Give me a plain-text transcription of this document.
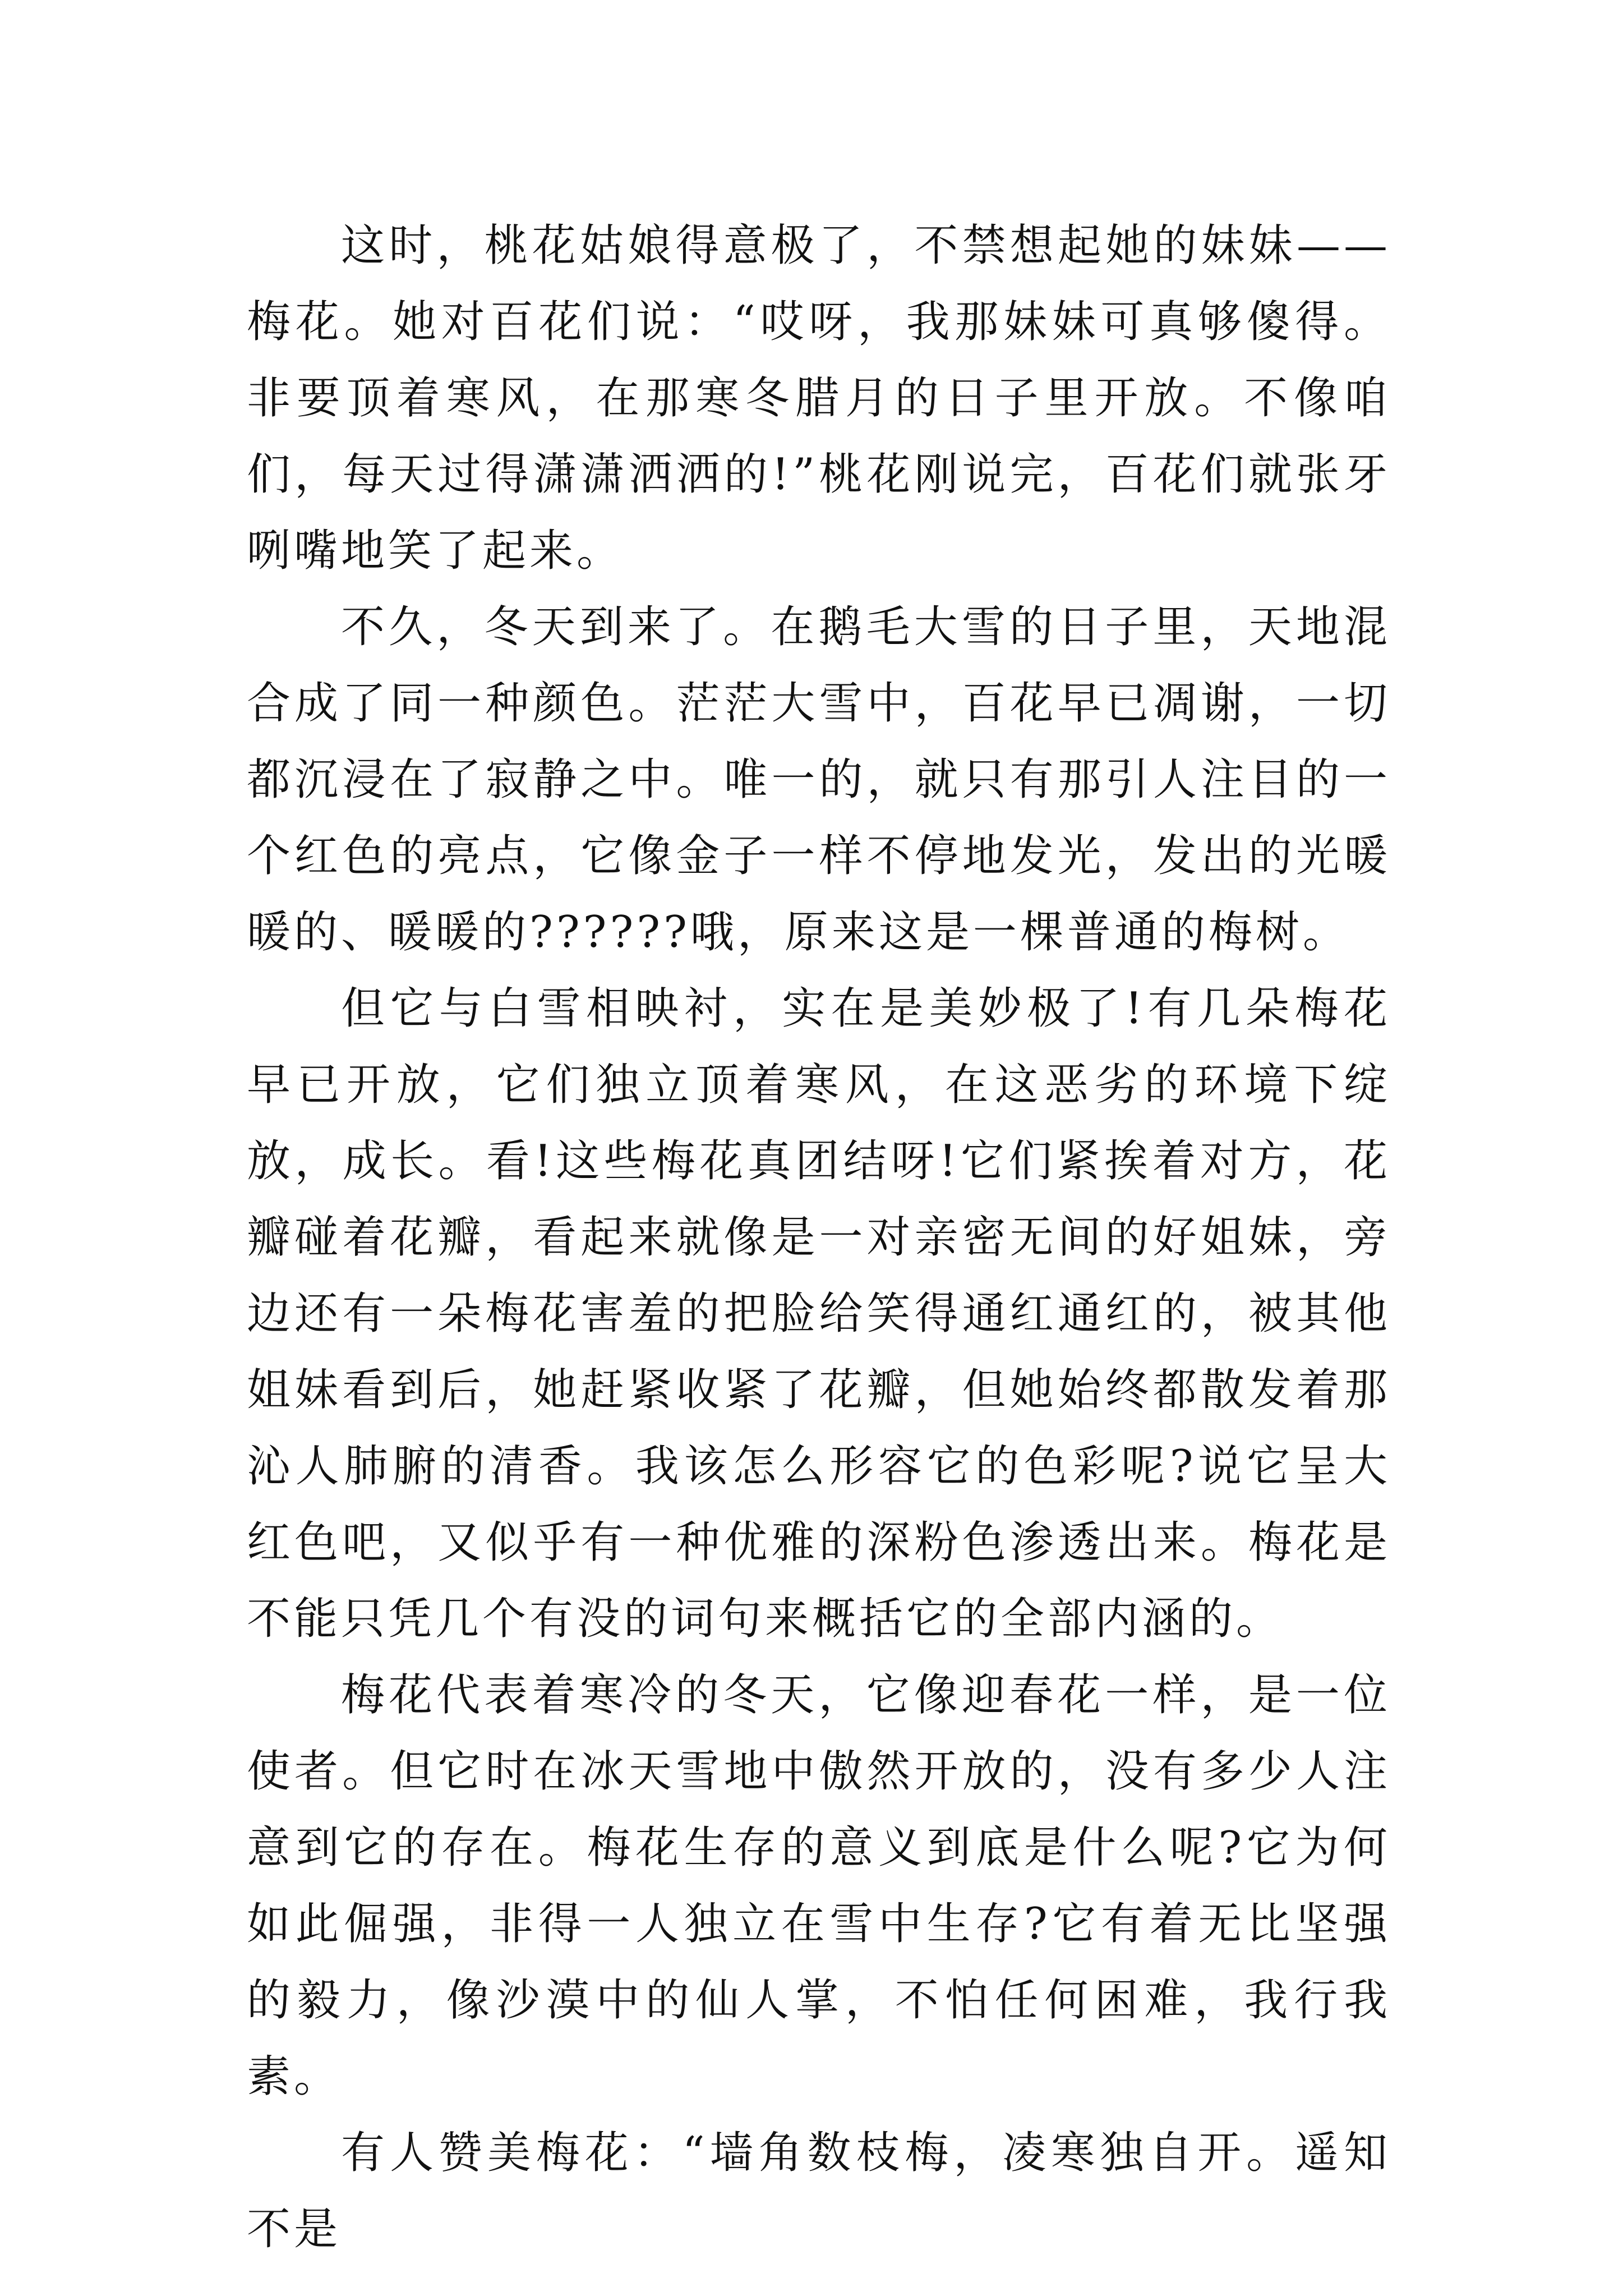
这时，桃花姑娘得意极了，不禁想起她的妹妹——梅花。她对百花们说：“哎呀，我那妹妹可真够傻得。非要顶着寒风，在那寒冬腊月的日子里开放。不像咱们，每天过得潇潇洒洒的!”桃花刚说完，百花们就张牙咧嘴地笑了起来。

不久，冬天到来了。在鹅毛大雪的日子里，天地混合成了同一种颜色。茫茫大雪中，百花早已凋谢，一切都沉浸在了寂静之中。唯一的，就只有那引人注目的一个红色的亮点，它像金子一样不停地发光，发出的光暖暖的、暖暖的??????哦，原来这是一棵普通的梅树。

但它与白雪相映衬，实在是美妙极了!有几朵梅花早已开放，它们独立顶着寒风，在这恶劣的环境下绽放，成长。看!这些梅花真团结呀!它们紧挨着对方，花瓣碰着花瓣，看起来就像是一对亲密无间的好姐妹，旁边还有一朵梅花害羞的把脸给笑得通红通红的，被其他姐妹看到后，她赶紧收紧了花瓣，但她始终都散发着那沁人肺腑的清香。我该怎么形容它的色彩呢?说它呈大红色吧，又似乎有一种优雅的深粉色渗透出来。梅花是不能只凭几个有没的词句来概括它的全部内涵的。

梅花代表着寒冷的冬天，它像迎春花一样，是一位使者。但它时在冰天雪地中傲然开放的，没有多少人注意到它的存在。梅花生存的意义到底是什么呢?它为何如此倔强，非得一人独立在雪中生存?它有着无比坚强的毅力，像沙漠中的仙人掌，不怕任何困难，我行我素。

有人赞美梅花：“墙角数枝梅，凌寒独自开。遥知不是
